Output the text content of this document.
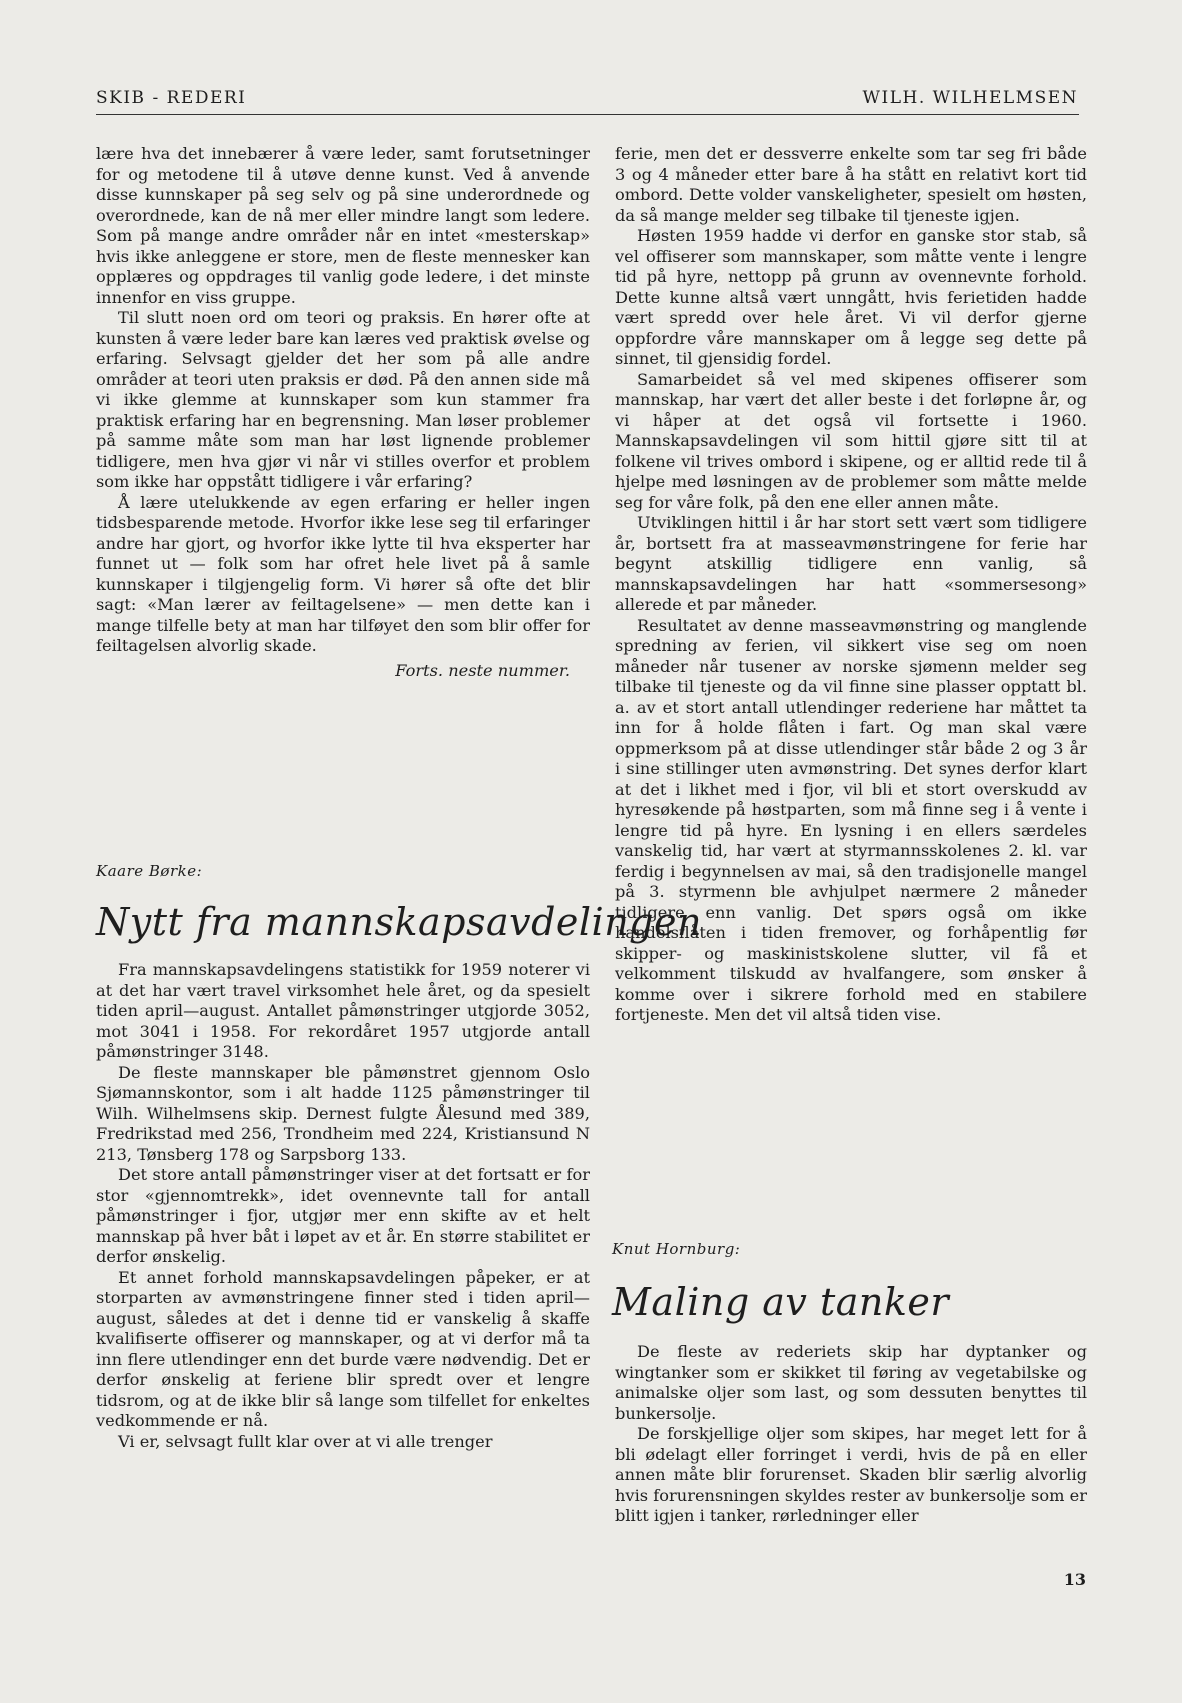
SKIB - REDERI	WILH. WILHELMSEN

lære hva det innebærer å være leder, samt forutsetninger for og metodene til å utøve denne kunst. Ved å anvende disse kunnskaper på seg selv og på sine underordnede og overordnede, kan de nå mer eller mindre langt som ledere. Som på mange andre områder når en intet «mesterskap» hvis ikke anleggene er store, men de fleste mennesker kan opplæres og oppdrages til vanlig gode ledere, i det minste innenfor en viss gruppe.

Til slutt noen ord om teori og praksis. En hører ofte at kunsten å være leder bare kan læres ved praktisk øvelse og erfaring. Selvsagt gjelder det her som på alle andre områder at teori uten praksis er død. På den annen side må vi ikke glemme at kunnskaper som kun stammer fra praktisk erfaring har en begrensning. Man løser problemer på samme måte som man har løst lignende problemer tidligere, men hva gjør vi når vi stilles overfor et problem som ikke har oppstått tidligere i vår erfaring?

Å lære utelukkende av egen erfaring er heller ingen tidsbesparende metode. Hvorfor ikke lese seg til erfaringer andre har gjort, og hvorfor ikke lytte til hva eksperter har funnet ut — folk som har ofret hele livet på å samle kunnskaper i tilgjengelig form. Vi hører så ofte det blir sagt: «Man lærer av feiltagelsene» — men dette kan i mange tilfelle bety at man har tilføyet den som blir offer for feiltagelsen alvorlig skade.

Forts. neste nummer.
Kaare Børke:
Nytt fra mannskapsavdelingen

Fra mannskapsavdelingens statistikk for 1959 noterer vi at det har vært travel virksomhet hele året, og da spesielt tiden april—august. Antallet påmønstringer utgjorde 3052, mot 3041 i 1958. For rekordåret 1957 utgjorde antall påmønstringer 3148.

De fleste mannskaper ble påmønstret gjennom Oslo Sjømannskontor, som i alt hadde 1125 påmønstringer til Wilh. Wilhelmsens skip. Dernest fulgte Ålesund med 389, Fredrikstad med 256, Trondheim med 224, Kristiansund N 213, Tønsberg 178 og Sarpsborg 133.

Det store antall påmønstringer viser at det fortsatt er for stor «gjennomtrekk», idet ovennevnte tall for antall påmønstringer i fjor, utgjør mer enn skifte av et helt mannskap på hver båt i løpet av et år. En større stabilitet er derfor ønskelig.

Et annet forhold mannskapsavdelingen påpeker, er at storparten av avmønstringene finner sted i tiden april—august, således at det i denne tid er vanskelig å skaffe kvalifiserte offiserer og mannskaper, og at vi derfor må ta inn flere utlendinger enn det burde være nødvendig. Det er derfor ønskelig at feriene blir spredt over et lengre tidsrom, og at de ikke blir så lange som tilfellet for enkeltes vedkommende er nå.

Vi er, selvsagt fullt klar over at vi alle trenger

ferie, men det er dessverre enkelte som tar seg fri både 3 og 4 måneder etter bare å ha stått en relativt kort tid ombord. Dette volder vanskeligheter, spesielt om høsten, da så mange melder seg tilbake til tjeneste igjen.

Høsten 1959 hadde vi derfor en ganske stor stab, så vel offiserer som mannskaper, som måtte vente i lengre tid på hyre, nettopp på grunn av ovennevnte forhold. Dette kunne altså vært unngått, hvis ferietiden hadde vært spredd over hele året. Vi vil derfor gjerne oppfordre våre mannskaper om å legge seg dette på sinnet, til gjensidig fordel.

Samarbeidet så vel med skipenes offiserer som mannskap, har vært det aller beste i det forløpne år, og vi håper at det også vil fortsette i 1960. Mannskapsavdelingen vil som hittil gjøre sitt til at folkene vil trives ombord i skipene, og er alltid rede til å hjelpe med løsningen av de problemer som måtte melde seg for våre folk, på den ene eller annen måte.

Utviklingen hittil i år har stort sett vært som tidligere år, bortsett fra at masseavmønstringene for ferie har begynt atskillig tidligere enn vanlig, så mannskapsavdelingen har hatt «sommersesong» allerede et par måneder.

Resultatet av denne masseavmønstring og manglende spredning av ferien, vil sikkert vise seg om noen måneder når tusener av norske sjømenn melder seg tilbake til tjeneste og da vil finne sine plasser opptatt bl. a. av et stort antall utlendinger rederiene har måttet ta inn for å holde flåten i fart. Og man skal være oppmerksom på at disse utlendinger står både 2 og 3 år i sine stillinger uten avmønstring. Det synes derfor klart at det i likhet med i fjor, vil bli et stort overskudd av hyresøkende på høstparten, som må finne seg i å vente i lengre tid på hyre. En lysning i en ellers særdeles vanskelig tid, har vært at styrmannsskolenes 2. kl. var ferdig i begynnelsen av mai, så den tradisjonelle mangel på 3. styrmenn ble avhjulpet nærmere 2 måneder tidligere enn vanlig. Det spørs også om ikke handelsflåten i tiden fremover, og forhåpentlig før skipper- og maskinistskolene slutter, vil få et velkomment tilskudd av hvalfangere, som ønsker å komme over i sikrere forhold med en stabilere fortjeneste. Men det vil altså tiden vise.

Knut Hornburg:
Maling av tanker

De fleste av rederiets skip har dyptanker og wingtanker som er skikket til føring av vegetabilske og animalske oljer som last, og som dessuten benyttes til bunkersolje.

De forskjellige oljer som skipes, har meget lett for å bli ødelagt eller forringet i verdi, hvis de på en eller annen måte blir forurenset. Skaden blir særlig alvorlig hvis forurensningen skyldes rester av bunkersolje som er blitt igjen i tanker, rørledninger eller

13
